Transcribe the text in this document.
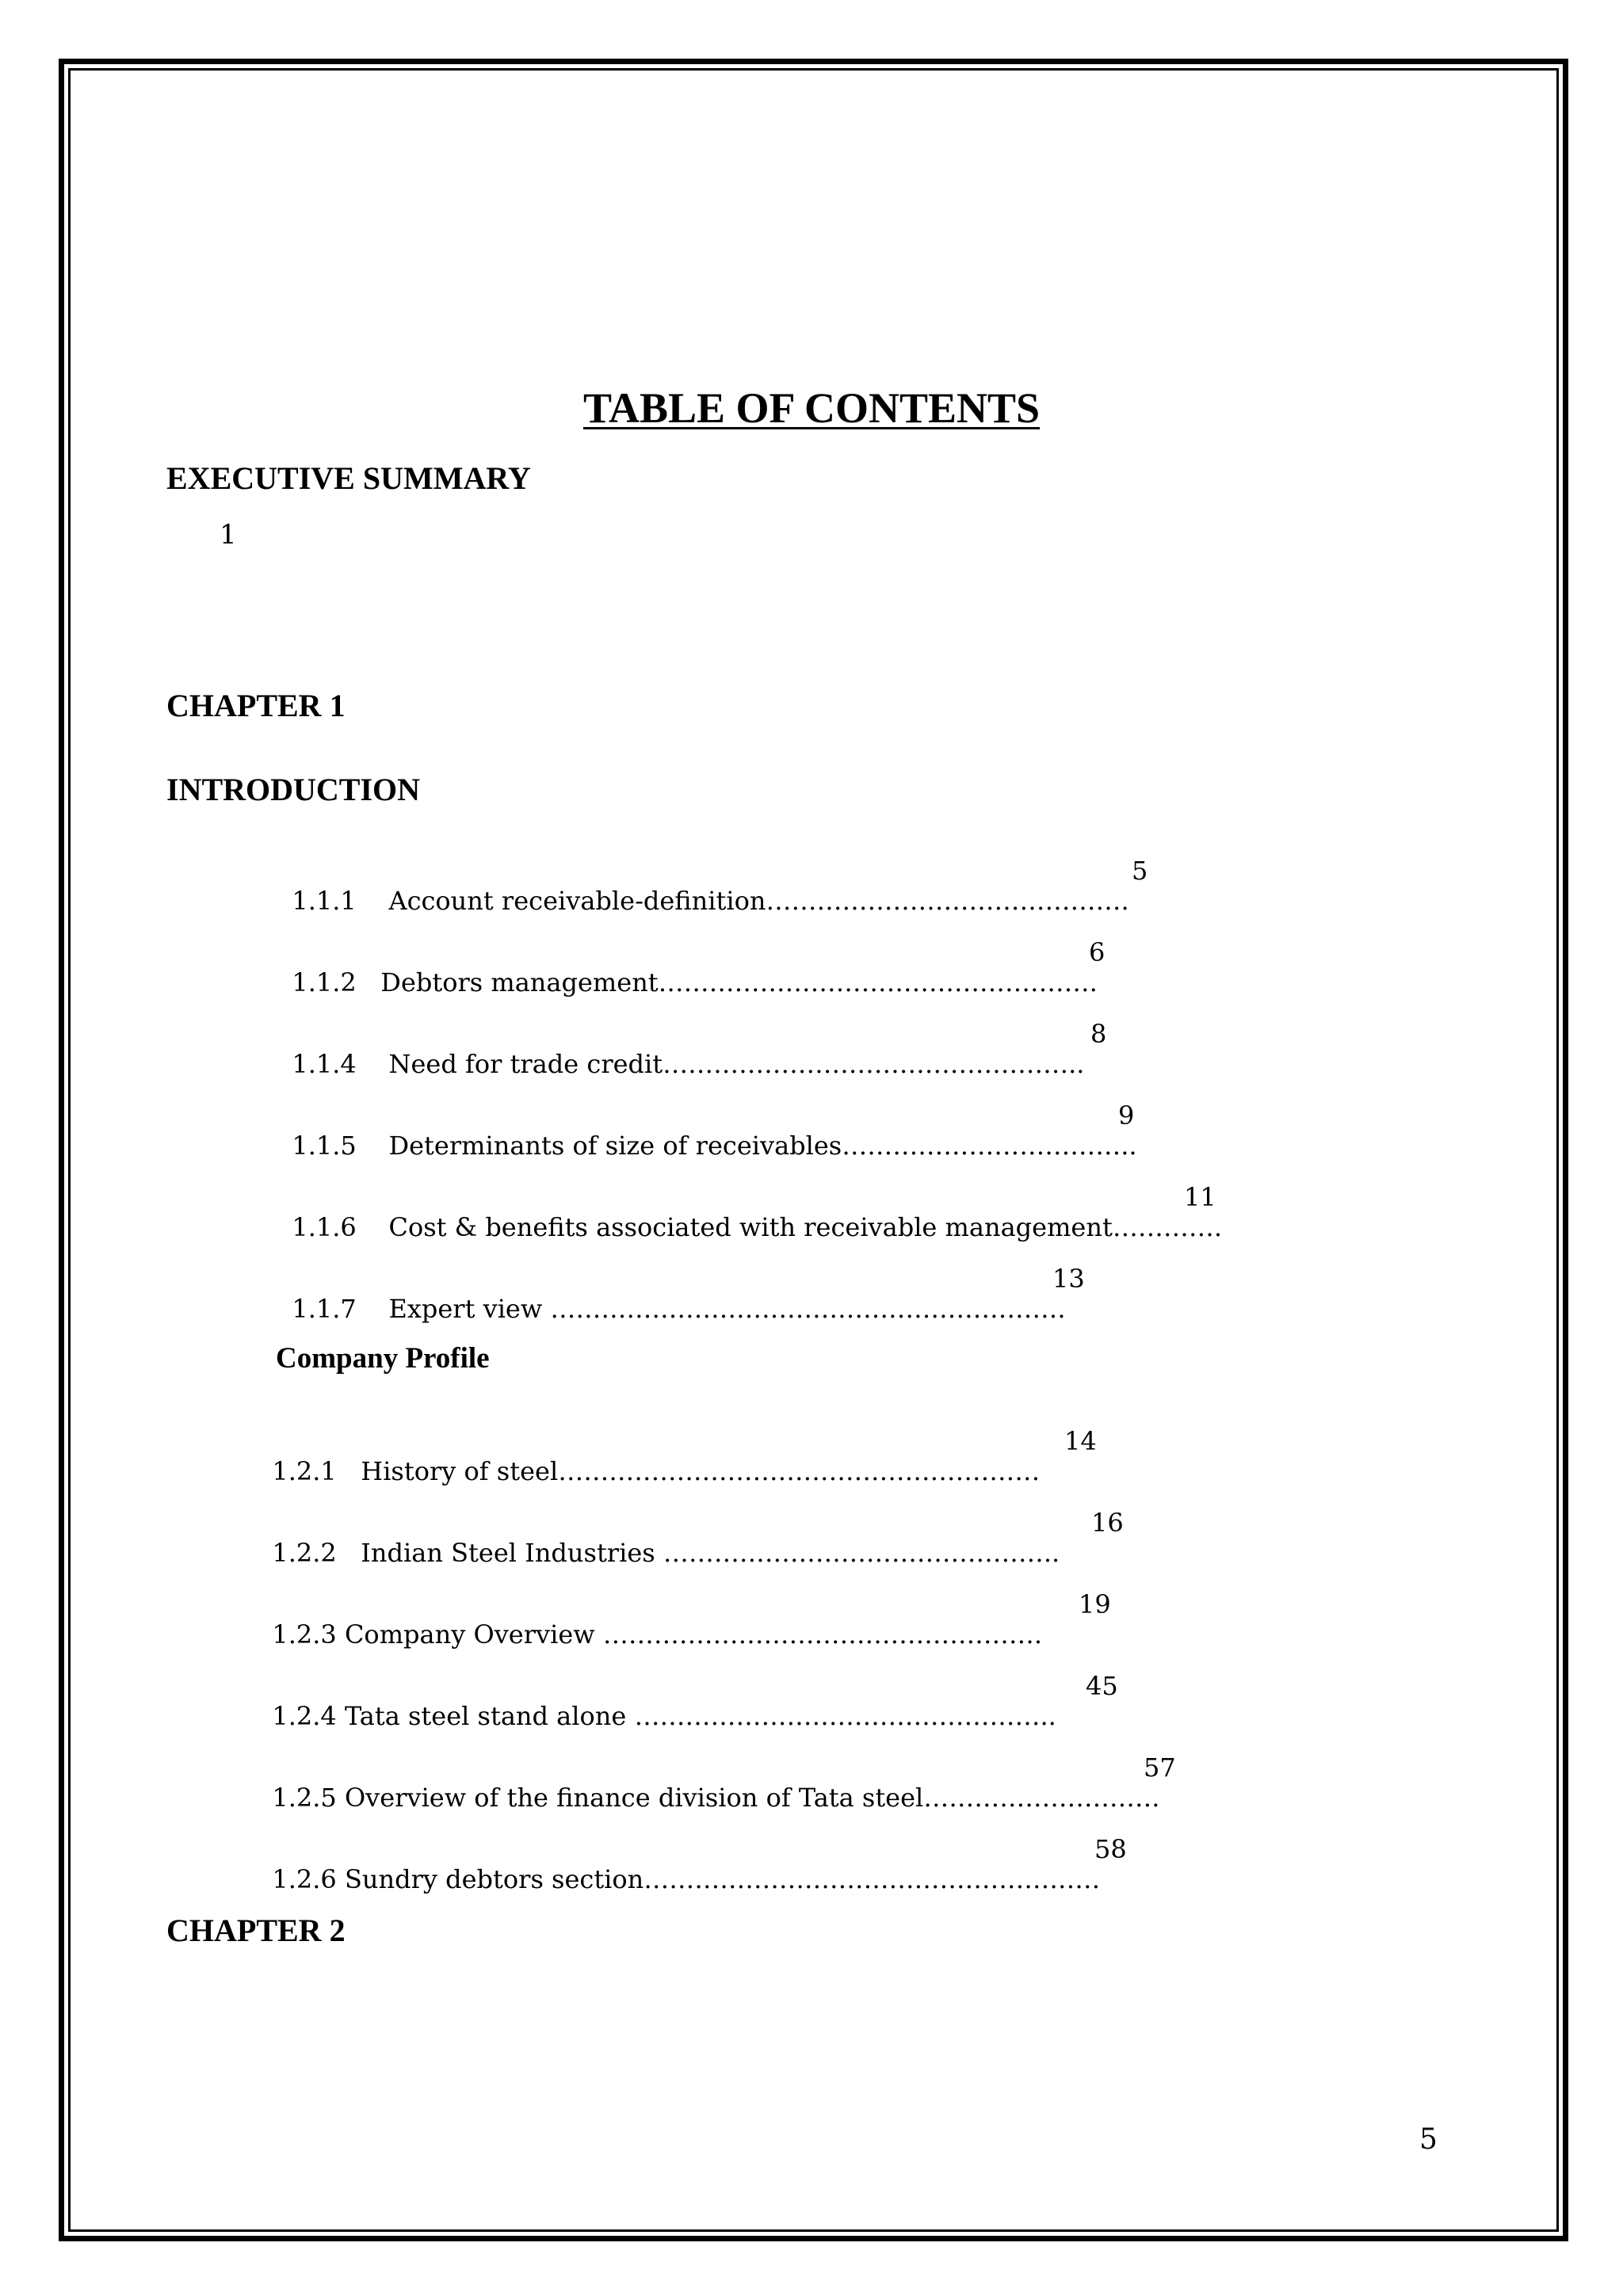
TABLE OF CONTENTS
EXECUTIVE SUMMARY
1
CHAPTER 1
INTRODUCTION

1.1.1 Account receivable-definition…………………………………….

5

1.1.2 Debtors management…………………………………………….

6

1.1.4 Need for trade credit…………………………………………..

8

1.1.5 Determinants of size of receivables……………………………..

9

1.1.6 Cost & benefits associated with receivable management………….

11

1.1.7 Expert view …………………………………………………….

13

Company Profile

1.2.1 History of steel…………………………………………………

14

1.2.2 Indian Steel Industries ………………………………………..

16

1.2.3 Company Overview …………………………………………….

19

1.2.4 Tata steel stand alone …………………………………………..

45

1.2.5 Overview of the finance division of Tata steel……………………….

57

1.2.6 Sundry debtors section………………………………………………

58

CHAPTER 2
5
